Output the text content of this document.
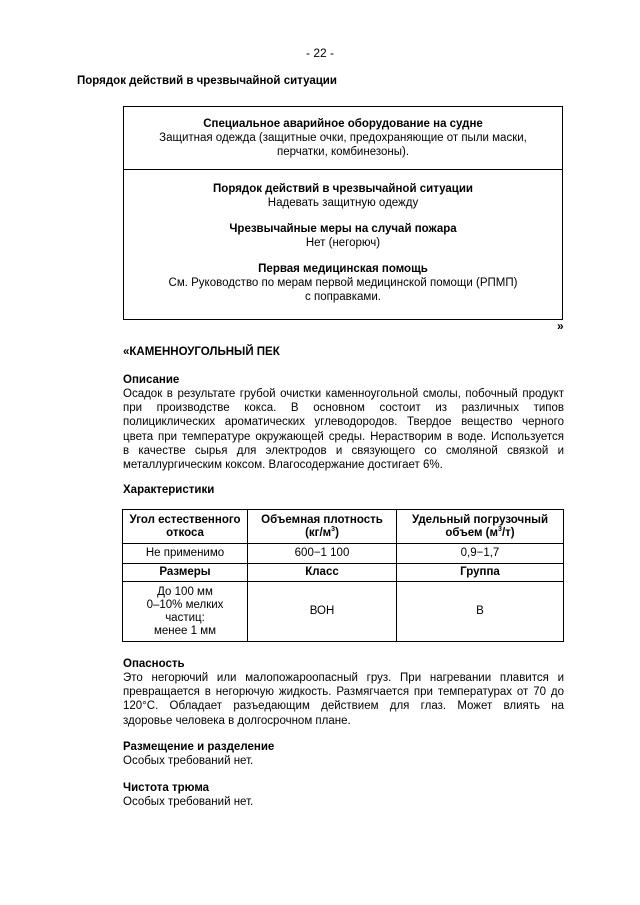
- 22 -
Порядок действий в чрезвычайной ситуации
Специальное аварийное оборудование на судне
Защитная одежда (защитные очки, предохраняющие от пыли маски,
перчатки, комбинезоны).
Порядок действий в чрезвычайной ситуации
Надевать защитную одежду
Чрезвычайные меры на случай пожара
Нет (негорюч)
Первая медицинская помощь
См. Руководство по мерам первой медицинской помощи (РПМП)
с поправками.
»
«КАМЕННОУГОЛЬНЫЙ ПЕК
Описание
Осадок в результате грубой очистки каменноугольной смолы, побочный продукт
при производстве кокса. В основном состоит из различных типов
полициклических ароматических углеводородов. Твердое вещество черного
цвета при температуре окружающей среды. Нерастворим в воде. Используется
в качестве сырья для электродов и связующего со смоляной связкой и
металлургическим коксом. Влагосодержание достигает 6%.
Характеристики
Угол естественного откоса	Объемная плотность $(кг/м^3)$	Удельный погрузочный объем $(м^3/т)$
Не применимо	600−1 100	0,9−1,7
Размеры	Класс	Группа

До 100 мм
0–10% мелких
частиц:
менее 1 мм	ВОН	В
Опасность
Это негорючий или малопожароопасный груз. При нагревании плавится и
превращается в негорючую жидкость. Размягчается при температурах от 70 до
120°С. Обладает разъедающим действием для глаз. Может влиять на
здоровье человека в долгосрочном плане.
Размещение и разделение
Особых требований нет.
Чистота трюма
Особых требований нет.
